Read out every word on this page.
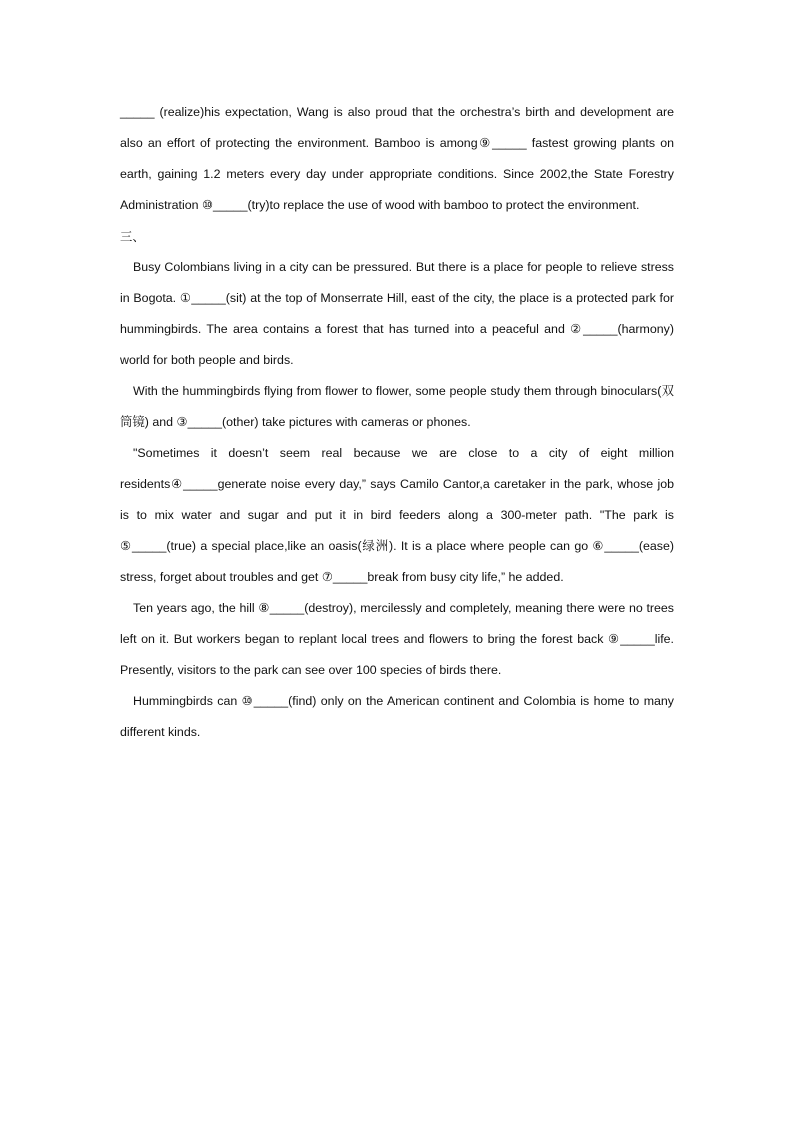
_____ (realize)his expectation, Wang is also proud that the orchestra’s birth and development are also an effort of protecting the environment. Bamboo is among⑨_____ fastest growing plants on earth, gaining 1.2 meters every day under appropriate conditions. Since 2002,the State Forestry Administration ⑩_____(try)to replace the use of wood with bamboo to protect the environment.

三、

Busy Colombians living in a city can be pressured. But there is a place for people to relieve stress in Bogota. ①_____(sit) at the top of Monserrate Hill, east of the city, the place is a protected park for hummingbirds. The area contains a forest that has turned into a peaceful and ②_____(harmony) world for both people and birds.

With the hummingbirds flying from flower to flower, some people study them through binoculars(双筒镜) and ③_____(other) take pictures with cameras or phones.

"Sometimes it doesn’t seem real because we are close to a city of eight million residents④_____generate noise every day,” says Camilo Cantor,a caretaker in the park, whose job is to mix water and sugar and put it in bird feeders along a 300-meter path. "The park is ⑤_____(true) a special place,like an oasis(绿洲). It is a place where people can go ⑥_____(ease) stress, forget about troubles and get ⑦_____break from busy city life,” he added.

Ten years ago, the hill ⑧_____(destroy), mercilessly and completely, meaning there were no trees left on it. But workers began to replant local trees and flowers to bring the forest back ⑨_____life. Presently, visitors to the park can see over 100 species of birds there.

Hummingbirds can ⑩_____(find) only on the American continent and Colombia is home to many different kinds.
